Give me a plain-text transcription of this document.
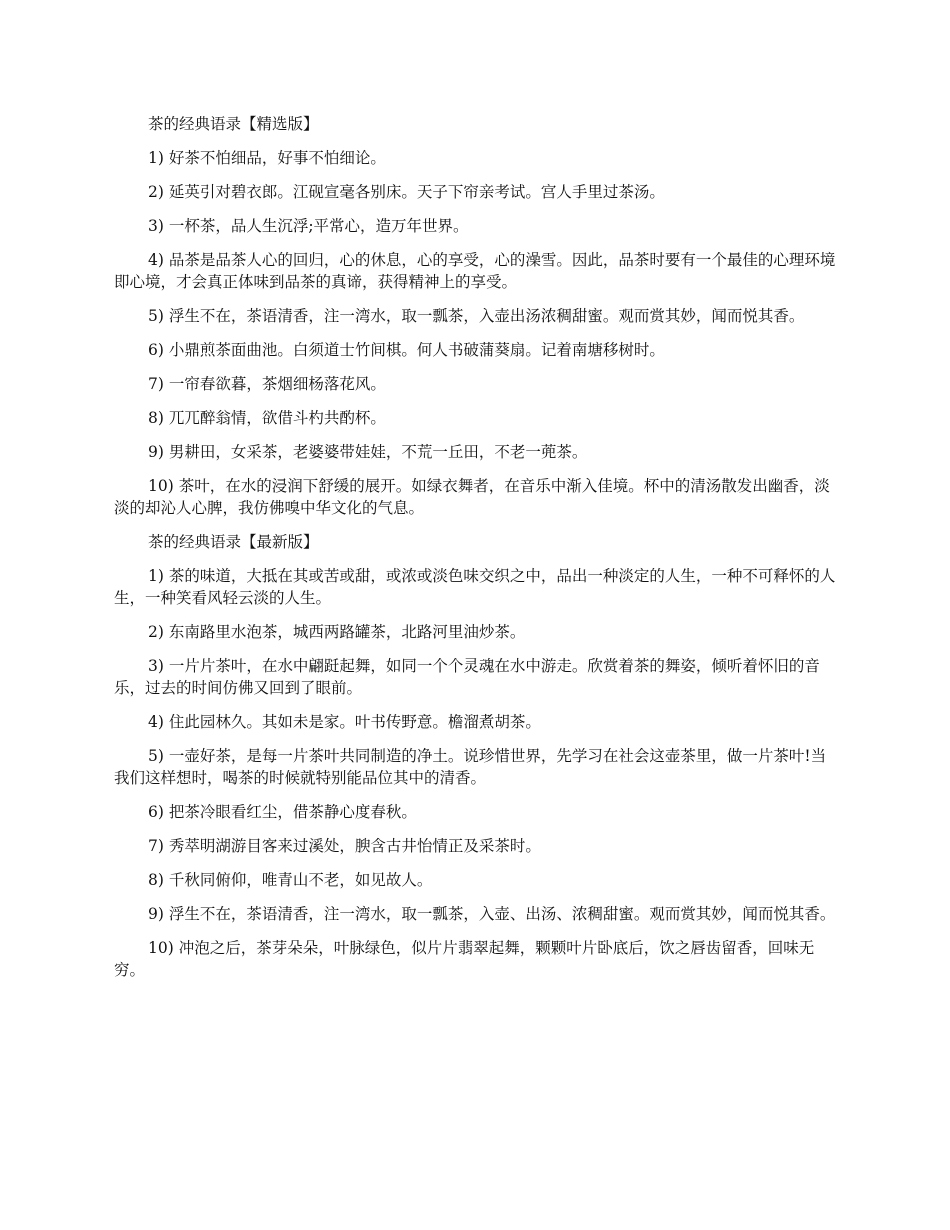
茶的经典语录【精选版】

1) 好茶不怕细品，好事不怕细论。

2) 延英引对碧衣郎。江砚宣毫各别床。天子下帘亲考试。宫人手里过茶汤。

3) 一杯茶，品人生沉浮;平常心，造万年世界。

4) 品茶是品茶人心的回归，心的休息，心的享受，心的澡雪。因此，品茶时要有一个最佳的心理环境即心境，才会真正体味到品茶的真谛，获得精神上的享受。

5) 浮生不在，茶语清香，注一湾水，取一瓢茶，入壶出汤浓稠甜蜜。观而赏其妙，闻而悦其香。

6) 小鼎煎茶面曲池。白须道士竹间棋。何人书破蒲葵扇。记着南塘移树时。

7) 一帘春欲暮，茶烟细杨落花风。

8) 兀兀醉翁情，欲借斗杓共酌杯。

9) 男耕田，女采茶，老婆婆带娃娃，不荒一丘田，不老一蔸茶。

10) 茶叶，在水的浸润下舒缓的展开。如绿衣舞者，在音乐中渐入佳境。杯中的清汤散发出幽香，淡淡的却沁人心脾，我仿佛嗅中华文化的气息。

茶的经典语录【最新版】

1) 茶的味道，大抵在其或苦或甜，或浓或淡色味交织之中，品出一种淡定的人生，一种不可释怀的人生，一种笑看风轻云淡的人生。

2) 东南路里水泡茶，城西两路罐茶，北路河里油炒茶。

3) 一片片茶叶，在水中翩跹起舞，如同一个个灵魂在水中游走。欣赏着茶的舞姿，倾听着怀旧的音乐，过去的时间仿佛又回到了眼前。

4) 住此园林久。其如未是家。叶书传野意。檐溜煮胡茶。

5) 一壶好茶，是每一片茶叶共同制造的净土。说珍惜世界，先学习在社会这壶茶里，做一片茶叶!当我们这样想时，喝茶的时候就特别能品位其中的清香。

6) 把茶冷眼看红尘，借茶静心度春秋。

7) 秀萃明湖游目客来过溪处，腴含古井怡情正及采茶时。

8) 千秋同俯仰，唯青山不老，如见故人。

9) 浮生不在，茶语清香，注一湾水，取一瓢茶，入壶、出汤、浓稠甜蜜。观而赏其妙，闻而悦其香。

10) 冲泡之后，茶芽朵朵，叶脉绿色，似片片翡翠起舞，颗颗叶片卧底后，饮之唇齿留香，回味无穷。
